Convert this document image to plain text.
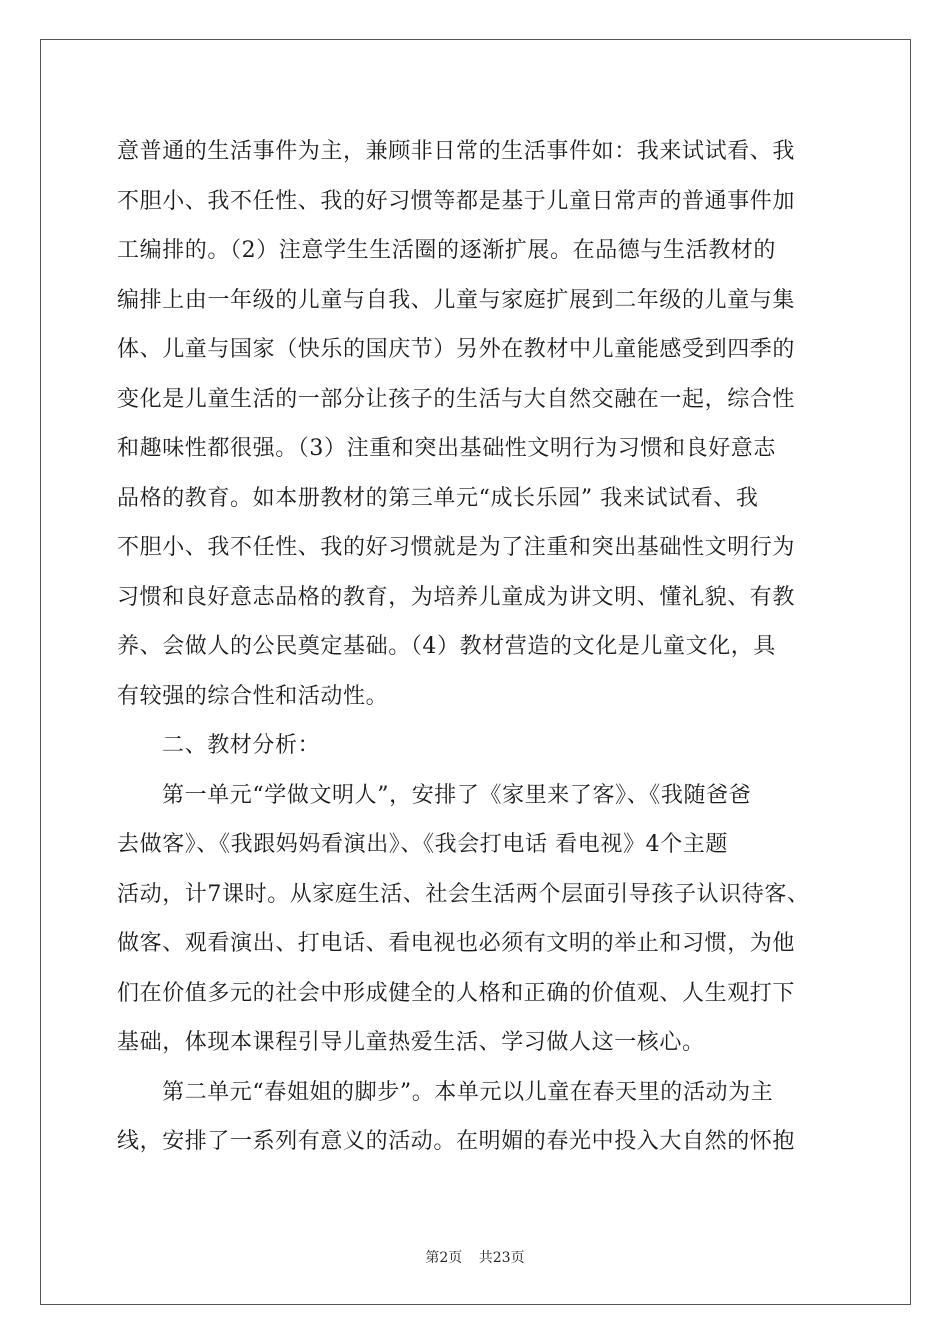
意普通的生活事件为主，兼顾非日常的生活事件如：我来试试看、我
不胆小、我不任性、我的好习惯等都是基于儿童日常声的普通事件加
工编排的。（2）注意学生生活圈的逐渐扩展。在品德与生活教材的
编排上由一年级的儿童与自我、儿童与家庭扩展到二年级的儿童与集
体、儿童与国家（快乐的国庆节）另外在教材中儿童能感受到四季的
变化是儿童生活的一部分让孩子的生活与大自然交融在一起，综合性
和趣味性都很强。（3）注重和突出基础性文明行为习惯和良好意志
品格的教育。如本册教材的第三单元“成长乐园” 我来试试看、我
不胆小、我不任性、我的好习惯就是为了注重和突出基础性文明行为
习惯和良好意志品格的教育，为培养儿童成为讲文明、懂礼貌、有教
养、会做人的公民奠定基础。（4）教材营造的文化是儿童文化，具
有较强的综合性和活动性。
二、教材分析：
第一单元“学做文明人”，安排了《家里来了客》、《我随爸爸
去做客》、《我跟妈妈看演出》、《我会打电话 看电视》4个主题
活动，计7课时。从家庭生活、社会生活两个层面引导孩子认识待客、
做客、观看演出、打电话、看电视也必须有文明的举止和习惯，为他
们在价值多元的社会中形成健全的人格和正确的价值观、人生观打下
基础，体现本课程引导儿童热爱生活、学习做人这一核心。
第二单元“春姐姐的脚步”。本单元以儿童在春天里的活动为主
线，安排了一系列有意义的活动。在明媚的春光中投入大自然的怀抱
第2页 共23页
